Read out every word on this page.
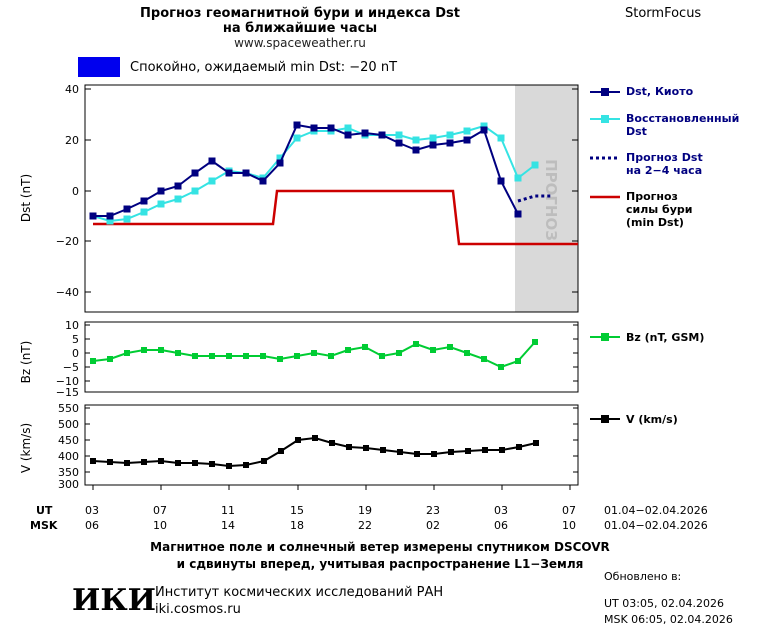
Прогноз геомагнитной бури и индекса Dst
на ближайшие часы
www.spaceweather.ru
StormFocus
Спокойно, ожидаемый min Dst: −20 nT
ПРОГНОЗ
40
20
0
−20
−40
Dst (nT)
10
5
0
−5
−10
−15
Bz (nT)
550
500
450
400
350
300
V (km/s)
Dst, Киото
Восстановленный
Dst
Прогноз Dst
на 2−4 часа
Прогноз
силы бури
(min Dst)
Bz (nT, GSM)
V (km/s)
UT	03	07	11	15	19	23	03	07	01.04−02.04.2026
MSK	06	10	14	18	22	02	06	10	01.04−02.04.2026
Магнитное поле и солнечный ветер измерены спутником DSCOVR
и сдвинуты вперед, учитывая распространение L1−Земля
ИКИ Институт космических исследований РАН
iki.cosmos.ru
Обновлено в:
UT 03:05, 02.04.2026
MSK 06:05, 02.04.2026
